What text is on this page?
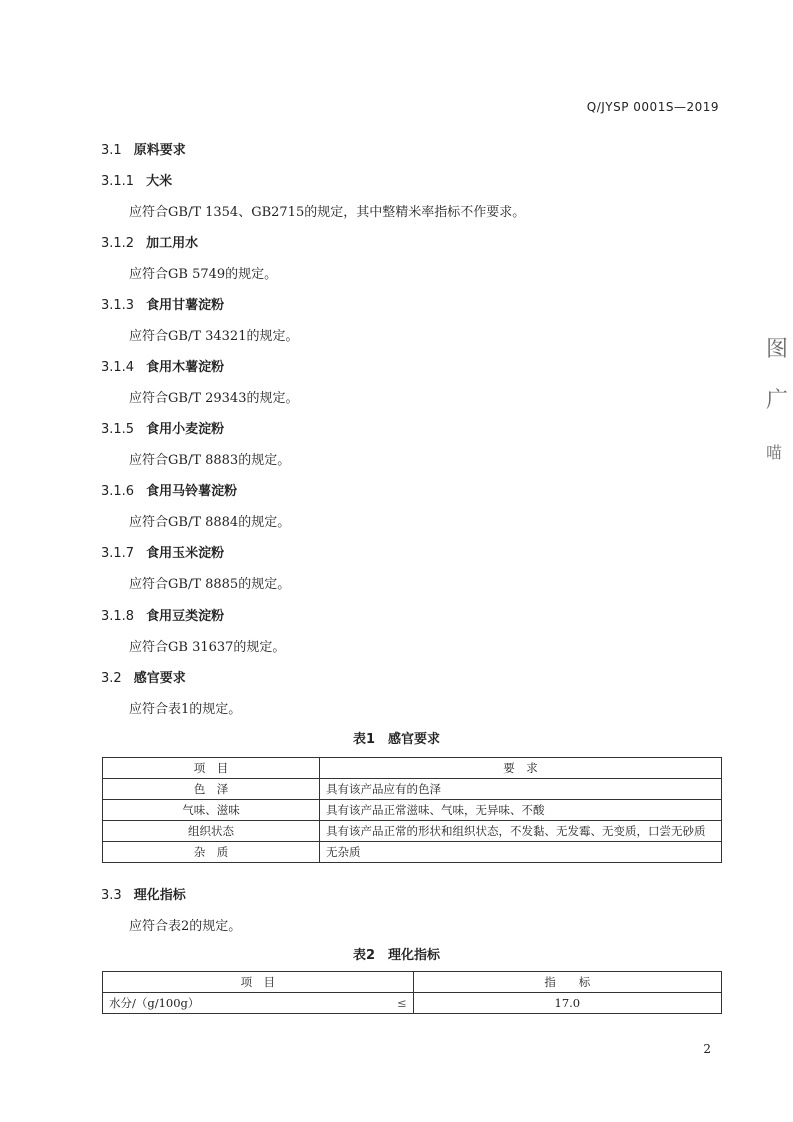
Q/JYSP 0001S—2019
3.1 原料要求
3.1.1 大米
应符合GB/T 1354、GB2715的规定，其中整精米率指标不作要求。
3.1.2 加工用水
应符合GB 5749的规定。
3.1.3 食用甘薯淀粉
应符合GB/T 34321的规定。
3.1.4 食用木薯淀粉
应符合GB/T 29343的规定。
3.1.5 食用小麦淀粉
应符合GB/T 8883的规定。
3.1.6 食用马铃薯淀粉
应符合GB/T 8884的规定。
3.1.7 食用玉米淀粉
应符合GB/T 8885的规定。
3.1.8 食用豆类淀粉
应符合GB 31637的规定。
3.2 感官要求
应符合表1的规定。
表1　感官要求
项　目	要　求
色　泽	具有该产品应有的色泽
气味、滋味	具有该产品正常滋味、气味，无异味、不酸
组织状态	具有该产品正常的形状和组织状态，不发黏、无发霉、无变质，口尝无砂质
杂　质	无杂质
3.3 理化指标
应符合表2的规定。
表2　理化指标
项　目		指　　标
水分/（g/100g）	≤	17.0
2
图
广
喵
